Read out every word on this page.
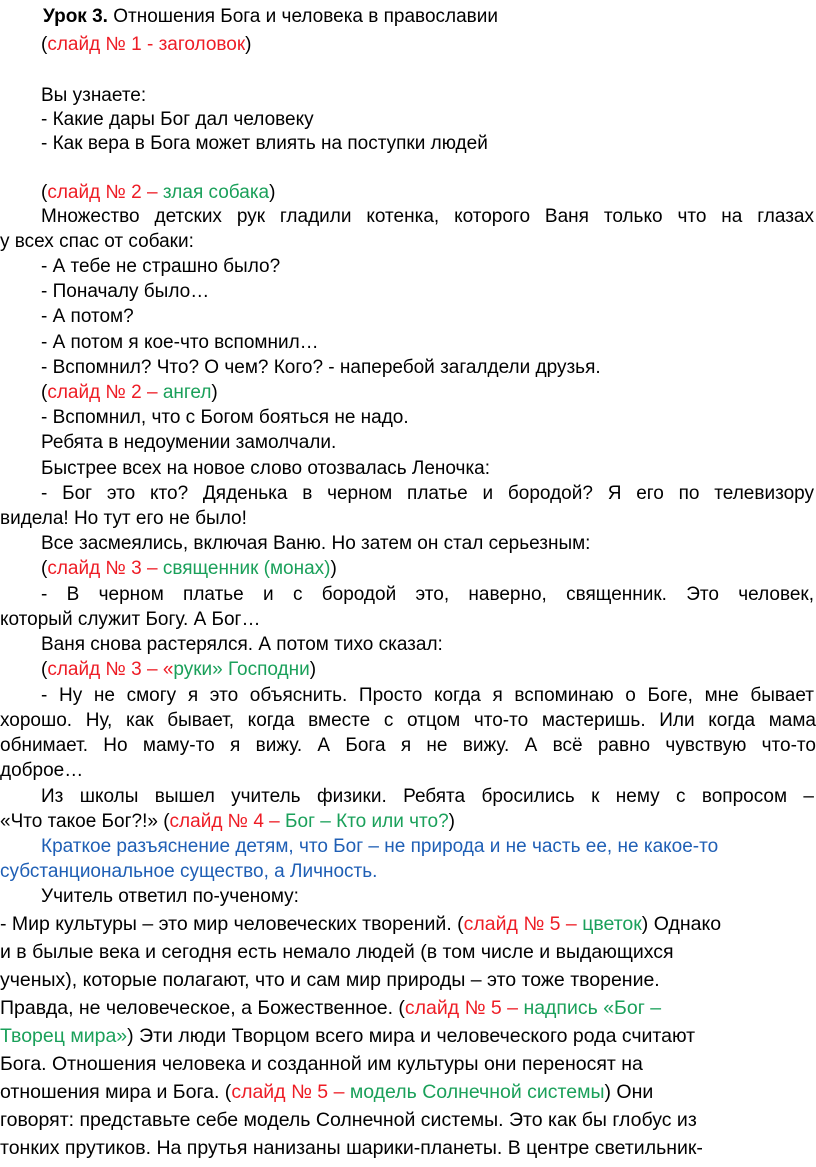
Урок 3. Отношения Бога и человека в православии
(слайд № 1 - заголовок)
Вы узнаете:
- Какие дары Бог дал человеку
- Как вера в Бога может влиять на поступки людей
(слайд № 2 – злая собака)
Множество детских рук гладили котенка, которого Ваня только что на глазах
у всех спас от собаки:
- А тебе не страшно было?
- Поначалу было…
- А потом?
- А потом я кое-что вспомнил…
- Вспомнил? Что? О чем? Кого? - наперебой загалдели друзья.
(слайд № 2 – ангел)
- Вспомнил, что с Богом бояться не надо.
Ребята в недоумении замолчали.
Быстрее всех на новое слово отозвалась Леночка:
- Бог это кто? Дяденька в черном платье и бородой? Я его по телевизору
видела! Но тут его не было!
Все засмеялись, включая Ваню. Но затем он стал серьезным:
(слайд № 3 – священник (монах))
- В черном платье и с бородой это, наверно, священник. Это человек,
который служит Богу. А Бог…
Ваня снова растерялся. А потом тихо сказал:
(слайд № 3 – «руки» Господни)
- Ну не смогу я это объяснить. Просто когда я вспоминаю о Боге, мне бывает
хорошо. Ну, как бывает, когда вместе с отцом что-то мастеришь. Или когда мама
обнимает. Но маму-то я вижу. А Бога я не вижу. А всё равно чувствую что-то
доброе…
Из школы вышел учитель физики. Ребята бросились к нему с вопросом –
«Что такое Бог?!» (слайд № 4 – Бог – Кто или что?)
Краткое разъяснение детям, что Бог – не природа и не часть ее, не какое-то
субстанциональное существо, а Личность.
Учитель ответил по-ученому:
- Мир культуры – это мир человеческих творений. (слайд № 5 – цветок) Однако
и в былые века и сегодня есть немало людей (в том числе и выдающихся
ученых), которые полагают, что и сам мир природы – это тоже творение.
Правда, не человеческое, а Божественное. (слайд № 5 – надпись «Бог –
Творец мира») Эти люди Творцом всего мира и человеческого рода считают
Бога. Отношения человека и созданной им культуры они переносят на
отношения мира и Бога. (слайд № 5 – модель Солнечной системы) Они
говорят: представьте себе модель Солнечной системы. Это как бы глобус из
тонких прутиков. На прутья нанизаны шарики-планеты. В центре светильник-
